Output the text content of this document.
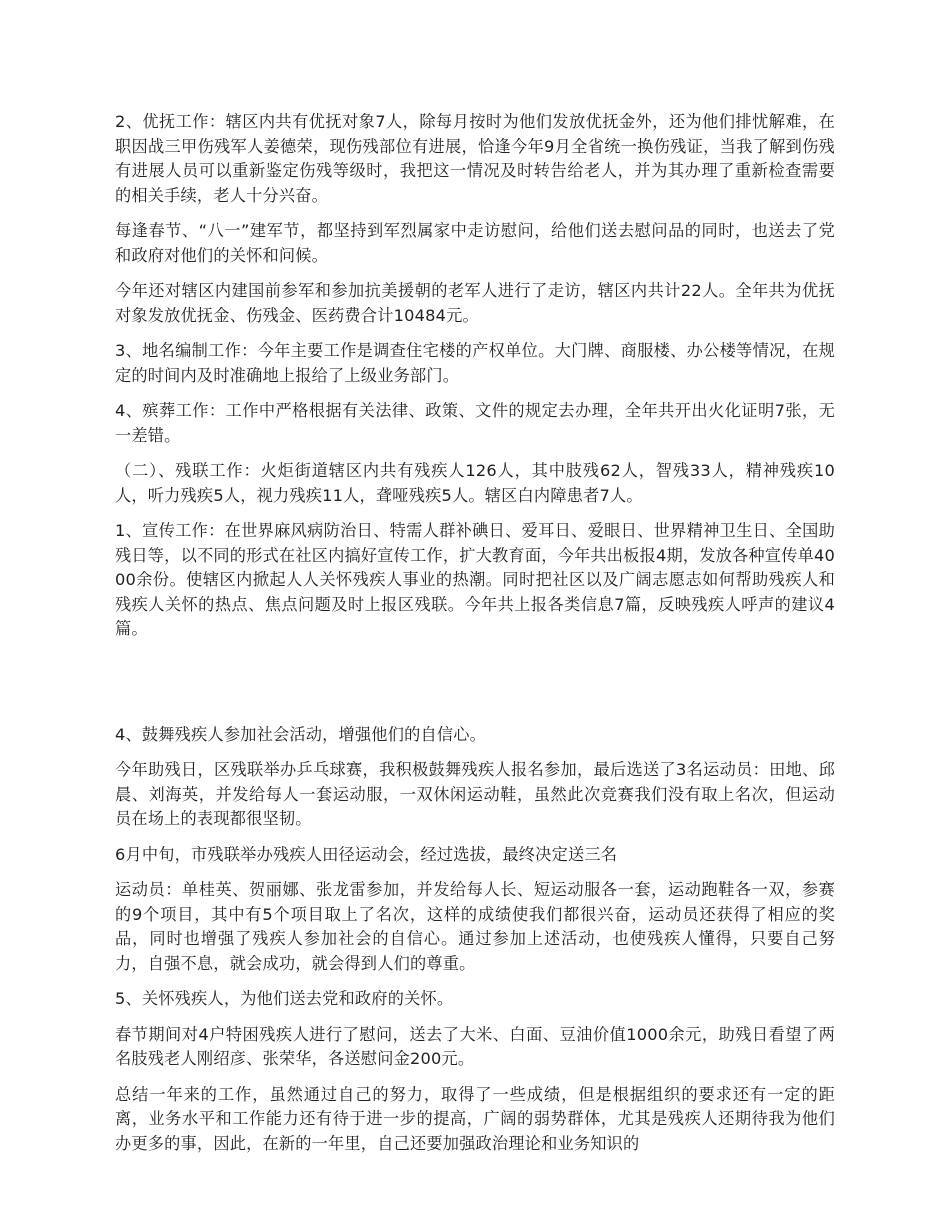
2、优抚工作：辖区内共有优抚对象7人，除每月按时为他们发放优抚金外，还为他们排忧解难，在职因战三甲伤残军人姜德荣，现伤残部位有进展，恰逢今年9月全省统一换伤残证，当我了解到伤残有进展人员可以重新鉴定伤残等级时，我把这一情况及时转告给老人，并为其办理了重新检查需要的相关手续，老人十分兴奋。

每逢春节、“八一”建军节，都坚持到军烈属家中走访慰问，给他们送去慰问品的同时，也送去了党和政府对他们的关怀和问候。

今年还对辖区内建国前参军和参加抗美援朝的老军人进行了走访，辖区内共计22人。全年共为优抚对象发放优抚金、伤残金、医药费合计10484元。

3、地名编制工作：今年主要工作是调查住宅楼的产权单位。大门牌、商服楼、办公楼等情况，在规定的时间内及时准确地上报给了上级业务部门。

4、殡葬工作：工作中严格根据有关法律、政策、文件的规定去办理，全年共开出火化证明7张，无一差错。

（二）、残联工作：火炬街道辖区内共有残疾人126人，其中肢残62人，智残33人，精神残疾10人，听力残疾5人，视力残疾11人，聋哑残疾5人。辖区白内障患者7人。

1、宣传工作：在世界麻风病防治日、特需人群补碘日、爱耳日、爱眼日、世界精神卫生日、全国助残日等，以不同的形式在社区内搞好宣传工作，扩大教育面，今年共出板报4期，发放各种宣传单4000余份。使辖区内掀起人人关怀残疾人事业的热潮。同时把社区以及广阔志愿志如何帮助残疾人和残疾人关怀的热点、焦点问题及时上报区残联。今年共上报各类信息7篇，反映残疾人呼声的建议4篇。

4、鼓舞残疾人参加社会活动，增强他们的自信心。

今年助残日，区残联举办乒乓球赛，我积极鼓舞残疾人报名参加，最后选送了3名运动员：田地、邱晨、刘海英，并发给每人一套运动服，一双休闲运动鞋，虽然此次竞赛我们没有取上名次，但运动员在场上的表现都很坚韧。

6月中旬，市残联举办残疾人田径运动会，经过选拔，最终决定送三名

运动员：单桂英、贺丽娜、张龙雷参加，并发给每人长、短运动服各一套，运动跑鞋各一双，参赛的9个项目，其中有5个项目取上了名次，这样的成绩使我们都很兴奋，运动员还获得了相应的奖品，同时也增强了残疾人参加社会的自信心。通过参加上述活动，也使残疾人懂得，只要自己努力，自强不息，就会成功，就会得到人们的尊重。

5、关怀残疾人，为他们送去党和政府的关怀。

春节期间对4户特困残疾人进行了慰问，送去了大米、白面、豆油价值1000余元，助残日看望了两名肢残老人刚绍彦、张荣华，各送慰问金200元。

总结一年来的工作，虽然通过自己的努力，取得了一些成绩，但是根据组织的要求还有一定的距离，业务水平和工作能力还有待于进一步的提高，广阔的弱势群体，尤其是残疾人还期待我为他们办更多的事，因此，在新的一年里，自己还要加强政治理论和业务知识的
